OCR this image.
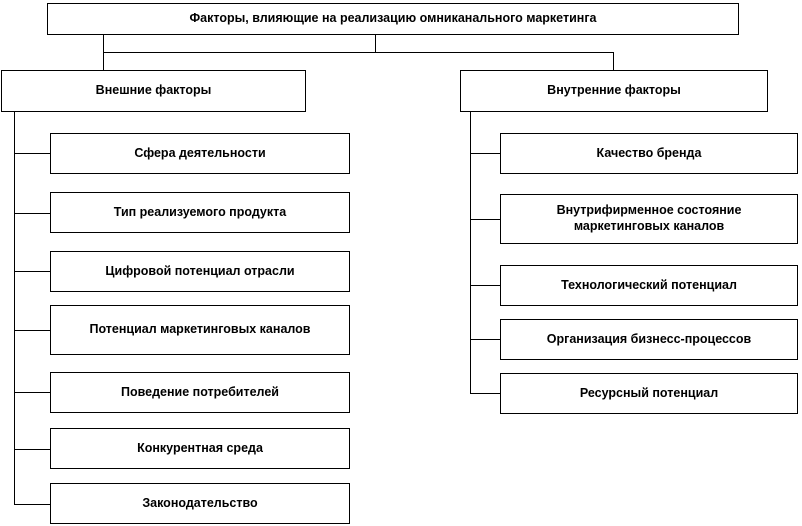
Факторы, влияющие на реализацию омниканального маркетинга
Внешние факторы
Сфера деятельности
Тип реализуемого продукта
Цифровой потенциал отрасли
Потенциал маркетинговых каналов
Поведение потребителей
Конкурентная среда
Законодательство
Внутренние факторы
Качество бренда
Внутрифирменное состояние маркетинговых каналов
Технологический потенциал
Организация бизнесс-процессов
Ресурсный потенциал
